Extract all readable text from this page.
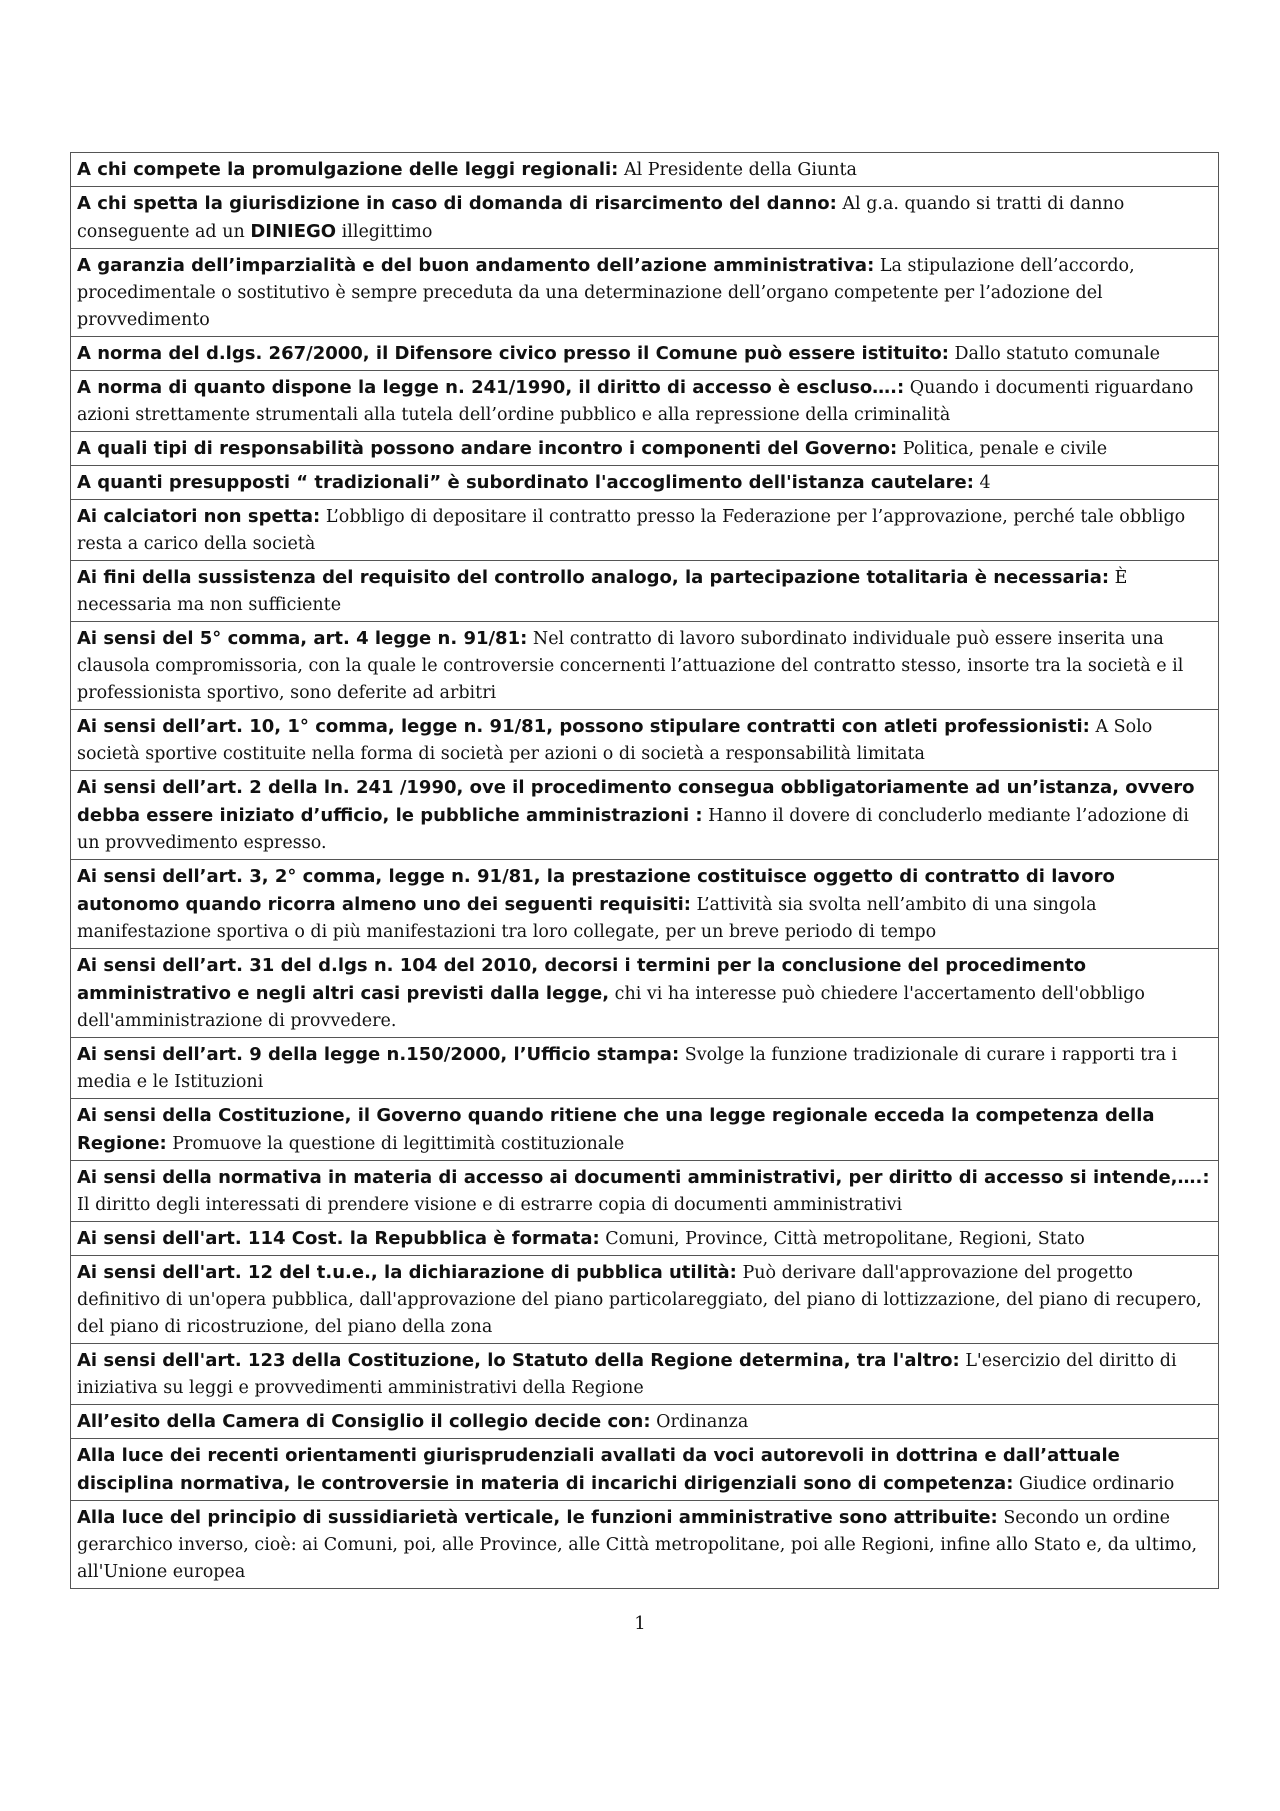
A chi compete la promulgazione delle leggi regionali: Al Presidente della Giunta
A chi spetta la giurisdizione in caso di domanda di risarcimento del danno: Al g.a. quando si tratti di danno conseguente ad un DINIEGO illegittimo
A garanzia dell’imparzialità e del buon andamento dell’azione amministrativa: La stipulazione dell’accordo, procedimentale o sostitutivo è sempre preceduta da una determinazione dell’organo competente per l’adozione del provvedimento
A norma del d.lgs. 267/2000, il Difensore civico presso il Comune può essere istituito: Dallo statuto comunale
A norma di quanto dispone la legge n. 241/1990, il diritto di accesso è escluso….: Quando i documenti riguardano azioni strettamente strumentali alla tutela dell’ordine pubblico e alla repressione della criminalità
A quali tipi di responsabilità possono andare incontro i componenti del Governo: Politica, penale e civile
A quanti presupposti “ tradizionali” è subordinato l'accoglimento dell'istanza cautelare: 4
Ai calciatori non spetta: L’obbligo di depositare il contratto presso la Federazione per l’approvazione, perché tale obbligo resta a carico della società
Ai fini della sussistenza del requisito del controllo analogo, la partecipazione totalitaria è necessaria: È necessaria ma non sufficiente
Ai sensi del 5° comma, art. 4 legge n. 91/81: Nel contratto di lavoro subordinato individuale può essere inserita una clausola compromissoria, con la quale le controversie concernenti l’attuazione del contratto stesso, insorte tra la società e il professionista sportivo, sono deferite ad arbitri
Ai sensi dell’art. 10, 1° comma, legge n. 91/81, possono stipulare contratti con atleti professionisti: A Solo società sportive costituite nella forma di società per azioni o di società a responsabilità limitata
Ai sensi dell’art. 2 della ln. 241 /1990, ove il procedimento consegua obbligatoriamente ad un’istanza, ovvero debba essere iniziato d’ufficio, le pubbliche amministrazioni : Hanno il dovere di concluderlo mediante l’adozione di un provvedimento espresso.
Ai sensi dell’art. 3, 2° comma, legge n. 91/81, la prestazione costituisce oggetto di contratto di lavoro autonomo quando ricorra almeno uno dei seguenti requisiti: L’attività sia svolta nell’ambito di una singola manifestazione sportiva o di più manifestazioni tra loro collegate, per un breve periodo di tempo
Ai sensi dell’art. 31 del d.lgs n. 104 del 2010, decorsi i termini per la conclusione del procedimento amministrativo e negli altri casi previsti dalla legge, chi vi ha interesse può chiedere l'accertamento dell'obbligo dell'amministrazione di provvedere.
Ai sensi dell’art. 9 della legge n.150/2000, l’Ufficio stampa: Svolge la funzione tradizionale di curare i rapporti tra i media e le Istituzioni
Ai sensi della Costituzione, il Governo quando ritiene che una legge regionale ecceda la competenza della Regione: Promuove la questione di legittimità costituzionale
Ai sensi della normativa in materia di accesso ai documenti amministrativi, per diritto di accesso si intende,….: Il diritto degli interessati di prendere visione e di estrarre copia di documenti amministrativi
Ai sensi dell'art. 114 Cost. la Repubblica è formata: Comuni, Province, Città metropolitane, Regioni, Stato
Ai sensi dell'art. 12 del t.u.e., la dichiarazione di pubblica utilità: Può derivare dall'approvazione del progetto definitivo di un'opera pubblica, dall'approvazione del piano particolareggiato, del piano di lottizzazione, del piano di recupero, del piano di ricostruzione, del piano della zona
Ai sensi dell'art. 123 della Costituzione, lo Statuto della Regione determina, tra l'altro: L'esercizio del diritto di iniziativa su leggi e provvedimenti amministrativi della Regione
All’esito della Camera di Consiglio il collegio decide con: Ordinanza
Alla luce dei recenti orientamenti giurisprudenziali avallati da voci autorevoli in dottrina e dall’attuale disciplina normativa, le controversie in materia di incarichi dirigenziali sono di competenza: Giudice ordinario
Alla luce del principio di sussidiarietà verticale, le funzioni amministrative sono attribuite: Secondo un ordine gerarchico inverso, cioè: ai Comuni, poi, alle Province, alle Città metropolitane, poi alle Regioni, infine allo Stato e, da ultimo, all'Unione europea
1
